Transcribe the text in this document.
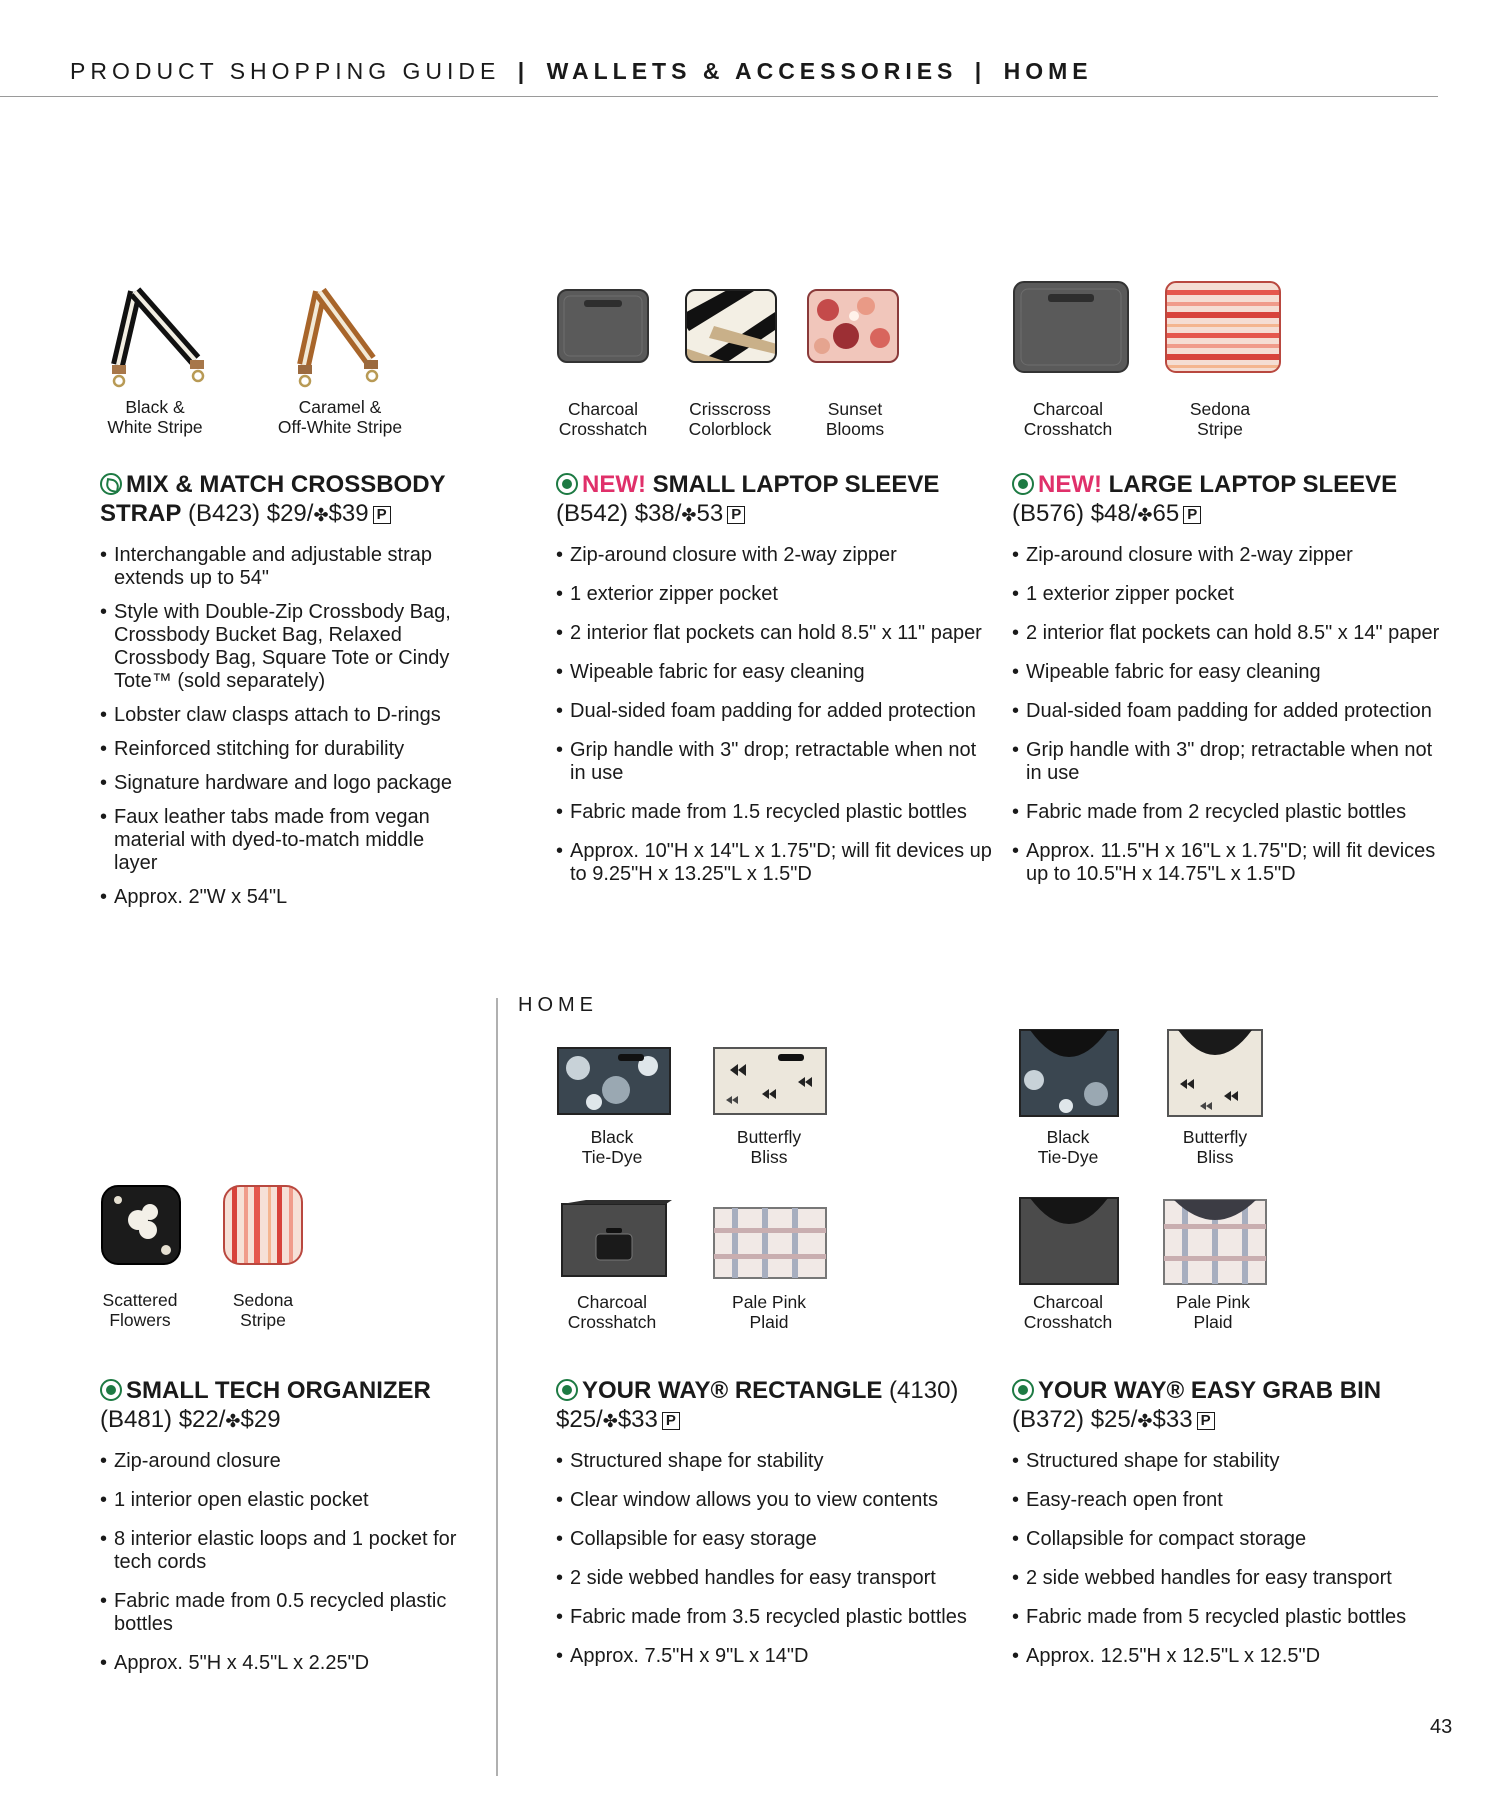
PRODUCT SHOPPING GUIDE | WALLETS & ACCESSORIES | HOME
Black &
White Stripe
Caramel &
Off-White Stripe
MIX & MATCH CROSSBODY STRAP (B423) $29/✤$39 P
• Interchangable and adjustable strap extends up to 54"
• Style with Double-Zip Crossbody Bag, Crossbody Bucket Bag, Relaxed Crossbody Bag, Square Tote or Cindy Tote™ (sold separately)
• Lobster claw clasps attach to D-rings
• Reinforced stitching for durability
• Signature hardware and logo package
• Faux leather tabs made from vegan material with dyed-to-match middle layer
• Approx. 2"W x 54"L
Charcoal
Crosshatch
Crisscross
Colorblock
Sunset
Blooms
NEW! SMALL LAPTOP SLEEVE
(B542) $38/✤53 P
• Zip-around closure with 2-way zipper
• 1 exterior zipper pocket
• 2 interior flat pockets can hold 8.5" x 11" paper
• Wipeable fabric for easy cleaning
• Dual-sided foam padding for added protection
• Grip handle with 3" drop; retractable when not in use
• Fabric made from 1.5 recycled plastic bottles
• Approx. 10"H x 14"L x 1.75"D; will fit devices up to 9.25"H x 13.25"L x 1.5"D
Charcoal
Crosshatch
Sedona
Stripe
NEW! LARGE LAPTOP SLEEVE
(B576) $48/✤65 P
• Zip-around closure with 2-way zipper
• 1 exterior zipper pocket
• 2 interior flat pockets can hold 8.5" x 14" paper
• Wipeable fabric for easy cleaning
• Dual-sided foam padding for added protection
• Grip handle with 3" drop; retractable when not in use
• Fabric made from 2 recycled plastic bottles
• Approx. 11.5"H x 16"L x 1.75"D; will fit devices up to 10.5"H x 14.75"L x 1.5"D
HOME
Scattered
Flowers
Sedona
Stripe
SMALL TECH ORGANIZER
(B481) $22/✤$29
• Zip-around closure
• 1 interior open elastic pocket
• 8 interior elastic loops and 1 pocket for tech cords
• Fabric made from 0.5 recycled plastic bottles
• Approx. 5"H x 4.5"L x 2.25"D
Black
Tie-Dye
Butterfly
Bliss
Charcoal
Crosshatch
Pale Pink
Plaid
YOUR WAY® RECTANGLE (4130)
$25/✤$33 P
• Structured shape for stability
• Clear window allows you to view contents
• Collapsible for easy storage
• 2 side webbed handles for easy transport
• Fabric made from 3.5 recycled plastic bottles
• Approx. 7.5"H x 9"L x 14"D
Black
Tie-Dye
Butterfly
Bliss
Charcoal
Crosshatch
Pale Pink
Plaid
YOUR WAY® EASY GRAB BIN
(B372) $25/✤$33 P
• Structured shape for stability
• Easy-reach open front
• Collapsible for compact storage
• 2 side webbed handles for easy transport
• Fabric made from 5 recycled plastic bottles
• Approx. 12.5"H x 12.5"L x 12.5"D
43
